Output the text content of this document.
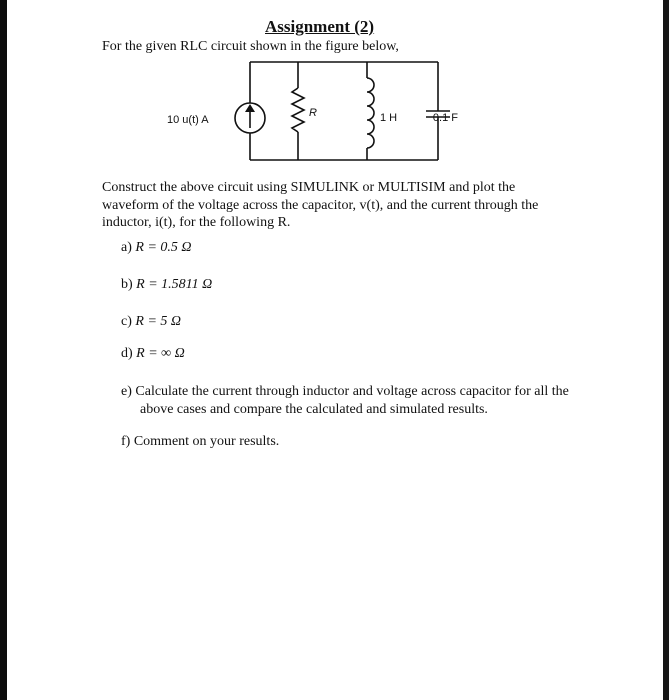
Assignment (2)
For the given RLC circuit shown in the figure below,
10 u(t) A
R	1 H	0.1 F
Construct the above circuit using SIMULINK or MULTISIM and plot the waveform of the voltage across the capacitor, v(t), and the current through the inductor, i(t), for the following R.
a) R = 0.5 Ω
b) R = 1.5811 Ω
c) R = 5 Ω
d) R = ∞ Ω
e) Calculate the current through inductor and voltage across capacitor for all the above cases and compare the calculated and simulated results.
f) Comment on your results.
